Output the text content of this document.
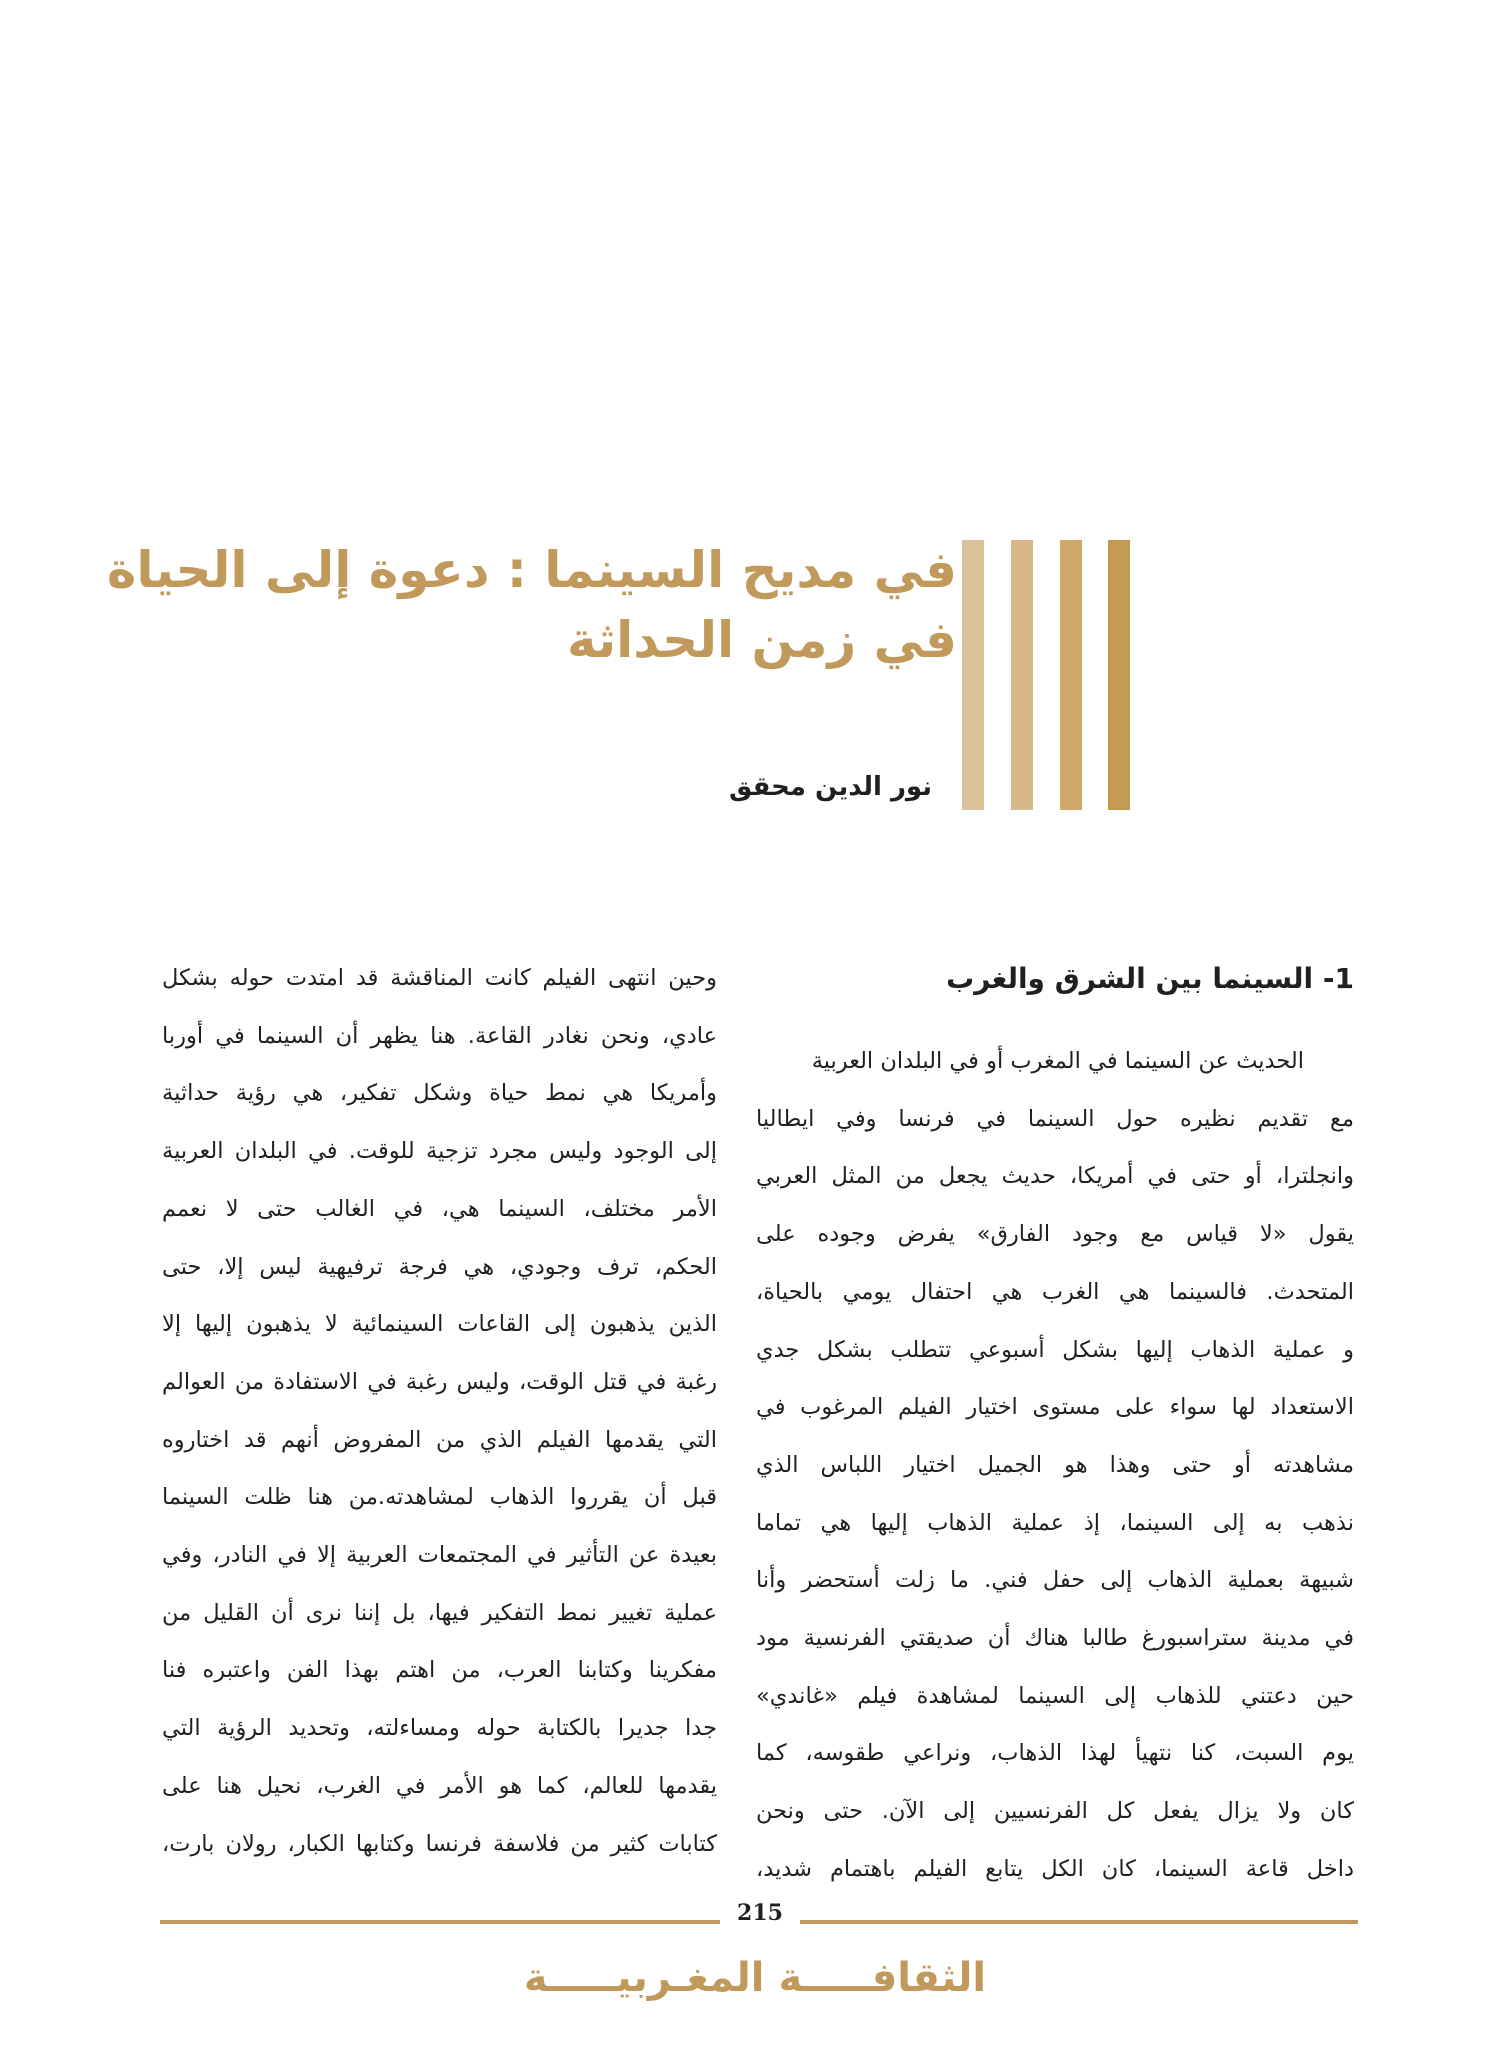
في مديح السينما : دعوة إلى الحياة
في زمن الحداثة
نور الدين محقق
1- السينما بين الشرق والغرب

الحديث عن السينما في المغرب أو في البلدان العربية

مع تقديم نظيره حول السينما في فرنسا وفي ايطاليا

وانجلترا، أو حتى في أمريكا، حديث يجعل من المثل العربي

يقول «لا قياس مع وجود الفارق» يفرض وجوده على

المتحدث. فالسينما هي الغرب هي احتفال يومي بالحياة،

و عملية الذهاب إليها بشكل أسبوعي تتطلب بشكل جدي

الاستعداد لها سواء على مستوى اختيار الفيلم المرغوب في

مشاهدته أو حتى وهذا هو الجميل اختيار اللباس الذي

نذهب به إلى السينما، إذ عملية الذهاب إليها هي تماما

شبيهة بعملية الذهاب إلى حفل فني. ما زلت أستحضر وأنا

في مدينة ستراسبورغ طالبا هناك أن صديقتي الفرنسية مود

حين دعتني للذهاب إلى السينما لمشاهدة فيلم «غاندي»

يوم السبت، كنا نتهيأ لهذا الذهاب، ونراعي طقوسه، كما

كان ولا يزال يفعل كل الفرنسيين إلى الآن. حتى ونحن

داخل قاعة السينما، كان الكل يتابع الفيلم باهتمام شديد،

وحين انتهى الفيلم كانت المناقشة قد امتدت حوله بشكل

عادي، ونحن نغادر القاعة. هنا يظهر أن السينما في أوربا

وأمريكا هي نمط حياة وشكل تفكير، هي رؤية حداثية

إلى الوجود وليس مجرد تزجية للوقت. في البلدان العربية

الأمر مختلف، السينما هي، في الغالب حتى لا نعمم

الحكم، ترف وجودي، هي فرجة ترفيهية ليس إلا، حتى

الذين يذهبون إلى القاعات السينمائية لا يذهبون إليها إلا

رغبة في قتل الوقت، وليس رغبة في الاستفادة من العوالم

التي يقدمها الفيلم الذي من المفروض أنهم قد اختاروه

قبل أن يقرروا الذهاب لمشاهدته.من هنا ظلت السينما

بعيدة عن التأثير في المجتمعات العربية إلا في النادر، وفي

عملية تغيير نمط التفكير فيها، بل إننا نرى أن القليل من

مفكرينا وكتابنا العرب، من اهتم بهذا الفن واعتبره فنا

جدا جديرا بالكتابة حوله ومساءلته، وتحديد الرؤية التي

يقدمها للعالم، كما هو الأمر في الغرب، نحيل هنا على

كتابات كثير من فلاسفة فرنسا وكتابها الكبار، رولان بارت،

215
الثقافـــــة المغـربيـــــة
